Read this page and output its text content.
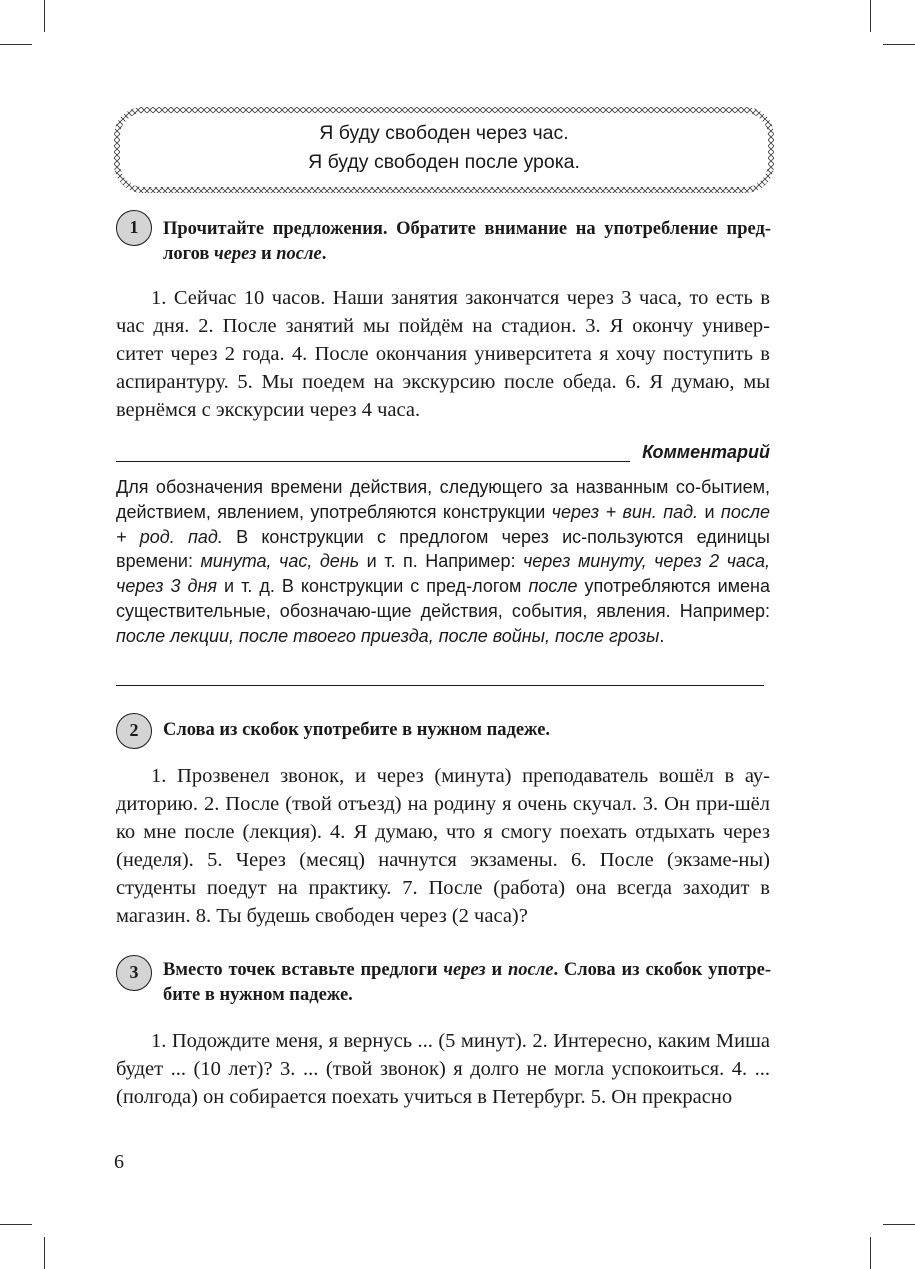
Я буду свободен через час.
Я буду свободен после урока.
1	Прочитайте предложения. Обратите внимание на употребление пред-логов через и после.

1. Сейчас 10 часов. Наши занятия закончатся через 3 часа, то есть в час дня. 2. После занятий мы пойдём на стадион. 3. Я окончу универ-ситет через 2 года. 4. После окончания университета я хочу поступить в аспирантуру. 5. Мы поедем на экскурсию после обеда. 6. Я думаю, мы вернёмся с экскурсии через 4 часа.

Комментарий

Для обозначения времени действия, следующего за названным со-бытием, действием, явлением, употребляются конструкции через + вин. пад. и после + род. пад. В конструкции с предлогом через ис-пользуются единицы времени: минута, час, день и т. п. Например: через минуту, через 2 часа, через 3 дня и т. д. В конструкции с пред-логом после употребляются имена существительные, обозначаю-щие действия, события, явления. Например: после лекции, после твоего приезда, после войны, после грозы.

2	Слова из скобок употребите в нужном падеже.

1. Прозвенел звонок, и через (минута) преподаватель вошёл в ау-диторию. 2. После (твой отъезд) на родину я очень скучал. 3. Он при-шёл ко мне после (лекция). 4. Я думаю, что я смогу поехать отдыхать через (неделя). 5. Через (месяц) начнутся экзамены. 6. После (экзаме-ны) студенты поедут на практику. 7. После (работа) она всегда заходит в магазин. 8. Ты будешь свободен через (2 часа)?

3	Вместо точек вставьте предлоги через и после. Слова из скобок употре-бите в нужном падеже.

1. Подождите меня, я вернусь ... (5 минут). 2. Интересно, каким Миша будет ... (10 лет)? 3. ... (твой звонок) я долго не могла успокоиться. 4. ... (полгода) он собирается поехать учиться в Петербург. 5. Он прекрасно

6
